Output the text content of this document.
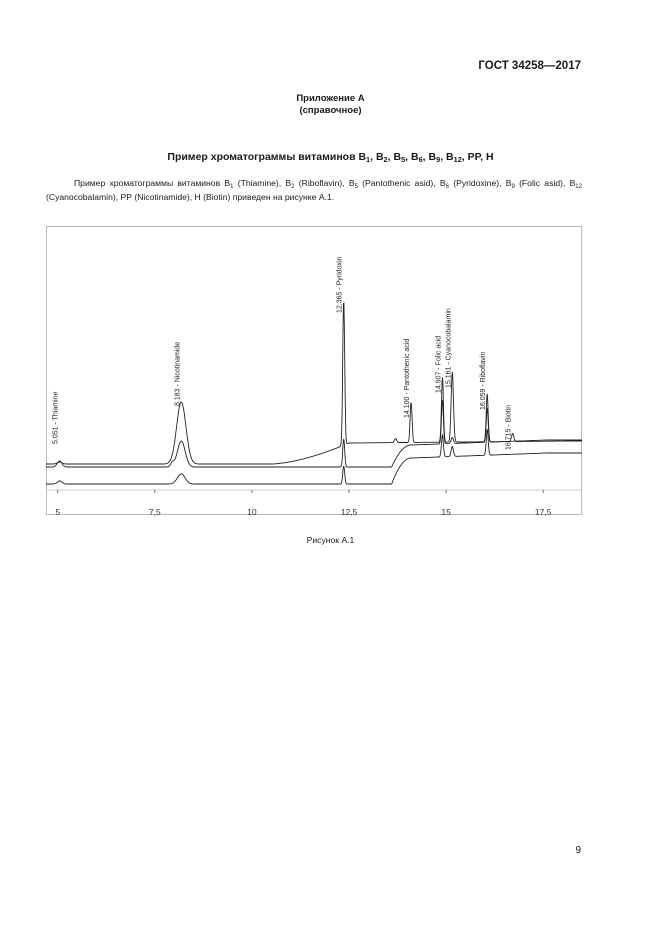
ГОСТ 34258—2017
Приложение А
(справочное)
Пример хроматограммы витаминов $В_1$, $В_2$, $В_5$, $В_6$, $В_9$, $В_{12}$, РР, Н
Пример хроматограммы витаминов $В_1$ (Thiamine), $В_2$ (Riboflavin), $В_5$ (Pantothenic asid), $В_6$ (Pyridoxine), $В_9$ (Folic asid), $В_{12}$ (Cyanocobalamin), РР (Nicotinamide), Н (Biotin) приведен на рисунке А.1.
5.051 - Thiamine
8.183 - Nicotinamide
12.365 - Pyridoxin
14.100 - Pantothenic acid	14.907 - Folic acid 15.161 - Cyanocobalamin	16.059 - Riboflavin
16.715 - Biotin
5	7,5	10	12,5	15	17,5
Рисунок А.1
9
